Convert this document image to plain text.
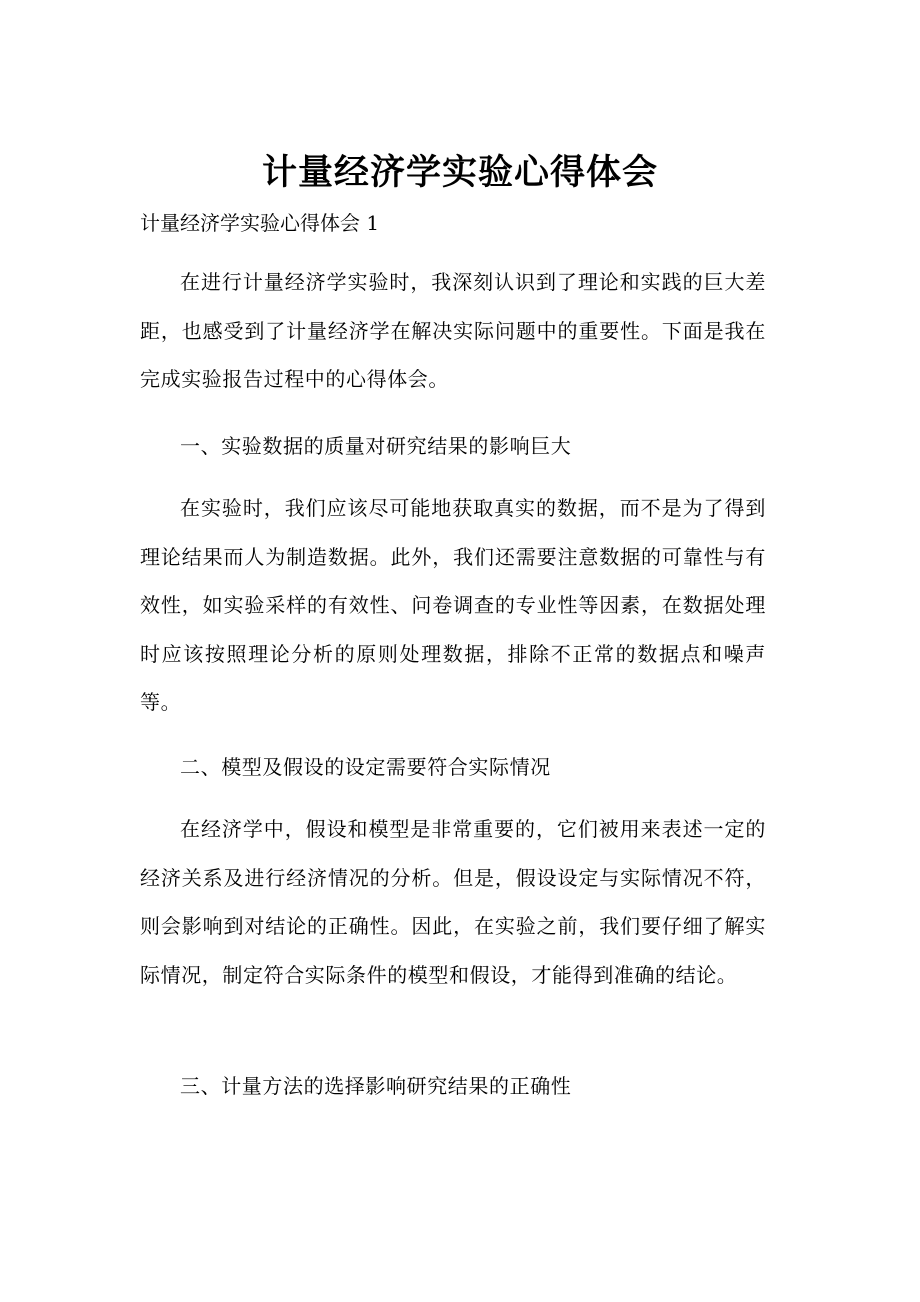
计量经济学实验心得体会
计量经济学实验心得体会 1
在进行计量经济学实验时，我深刻认识到了理论和实践的巨大差距，也感受到了计量经济学在解决实际问题中的重要性。下面是我在完成实验报告过程中的心得体会。
一、实验数据的质量对研究结果的影响巨大
在实验时，我们应该尽可能地获取真实的数据，而不是为了得到理论结果而人为制造数据。此外，我们还需要注意数据的可靠性与有效性，如实验采样的有效性、问卷调查的专业性等因素，在数据处理时应该按照理论分析的原则处理数据，排除不正常的数据点和噪声等。
二、模型及假设的设定需要符合实际情况
在经济学中，假设和模型是非常重要的，它们被用来表述一定的经济关系及进行经济情况的分析。但是，假设设定与实际情况不符，则会影响到对结论的正确性。因此，在实验之前，我们要仔细了解实际情况，制定符合实际条件的模型和假设，才能得到准确的结论。
三、计量方法的选择影响研究结果的正确性
